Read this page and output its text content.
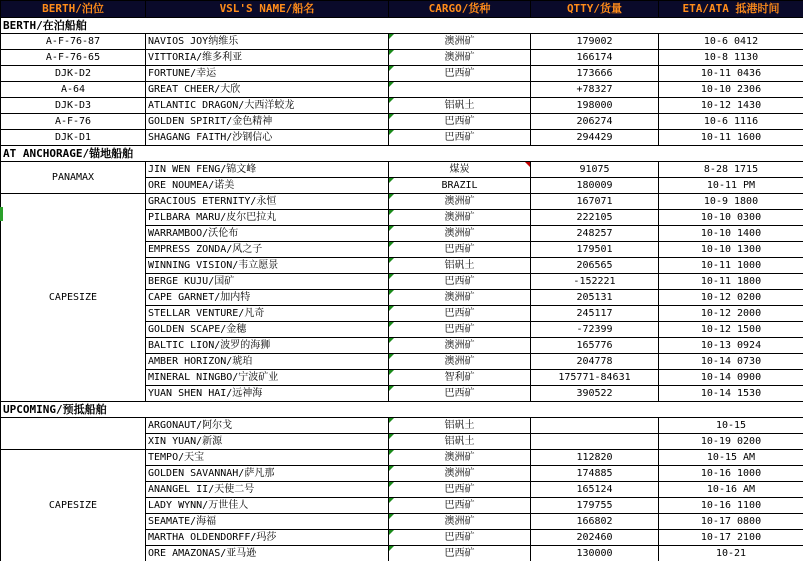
BERTH/泊位	VSL'S NAME/船名	CARGO/货种	QTTY/货量	ETA/ATA 抵港时间
BERTH/在泊船舶				
A-F-76-87	NAVIOS JOY纳维乐	澳洲矿	179002	10-6 0412
A-F-76-65	VITTORIA/维多利亚	澳洲矿	166174	10-8 1130
DJK-D2	FORTUNE/幸运	巴西矿	173666	10-11 0436
A-64	GREAT CHEER/大欣		+78327	10-10 2306
DJK-D3	ATLANTIC DRAGON/大西洋蛟龙	铝矾土	198000	10-12 1430
A-F-76	GOLDEN SPIRIT/金色精神	巴西矿	206274	10-6 1116
DJK-D1	SHAGANG FAITH/沙钢信心	巴西矿	294429	10-11 1600
AT ANCHORAGE/锚地船舶				
PANAMAX	JIN WEN FENG/锦文峰	煤炭	91075	8-28 1715
	ORE NOUMEA/诺美	BRAZIL	180009	10-11 PM
CAPESIZE	GRACIOUS ETERNITY/永恒	澳洲矿	167071	10-9 1800
	PILBARA MARU/皮尔巴拉丸	澳洲矿	222105	10-10 0300
	WARRAMBOO/沃伦布	澳洲矿	248257	10-10 1400
	EMPRESS ZONDA/风之子	巴西矿	179501	10-10 1300
	WINNING VISION/韦立愿景	铝矾土	206565	10-11 1000
	BERGE KUJU/国矿	巴西矿	-152221	10-11 1800
	CAPE GARNET/加内特	澳洲矿	205131	10-12 0200
	STELLAR VENTURE/凡奇	巴西矿	245117	10-12 2000
	GOLDEN SCAPE/金穗	巴西矿	-72399	10-12 1500
	BALTIC LION/波罗的海狮	澳洲矿	165776	10-13 0924
	AMBER HORIZON/琥珀	澳洲矿	204778	10-14 0730
	MINERAL NINGBO/宁波矿业	智利矿	175771-84631	10-14 0900
	YUAN SHEN HAI/远神海	巴西矿	390522	10-14 1530
UPCOMING/预抵船舶				
	ARGONAUT/阿尔戈	铝矾土		10-15
	XIN YUAN/新源	铝矾土		10-19 0200
CAPESIZE	TEMPO/天宝	澳洲矿	112820	10-15 AM
	GOLDEN SAVANNAH/萨凡那	澳洲矿	174885	10-16 1000
	ANANGEL II/天使二号	巴西矿	165124	10-16 AM
	LADY WYNN/万世佳人	巴西矿	179755	10-16 1100
	SEAMATE/海福	澳洲矿	166802	10-17 0800
	MARTHA OLDENDORFF/玛莎	巴西矿	202460	10-17 2100
	ORE AMAZONAS/亚马逊	巴西矿	130000	10-21
